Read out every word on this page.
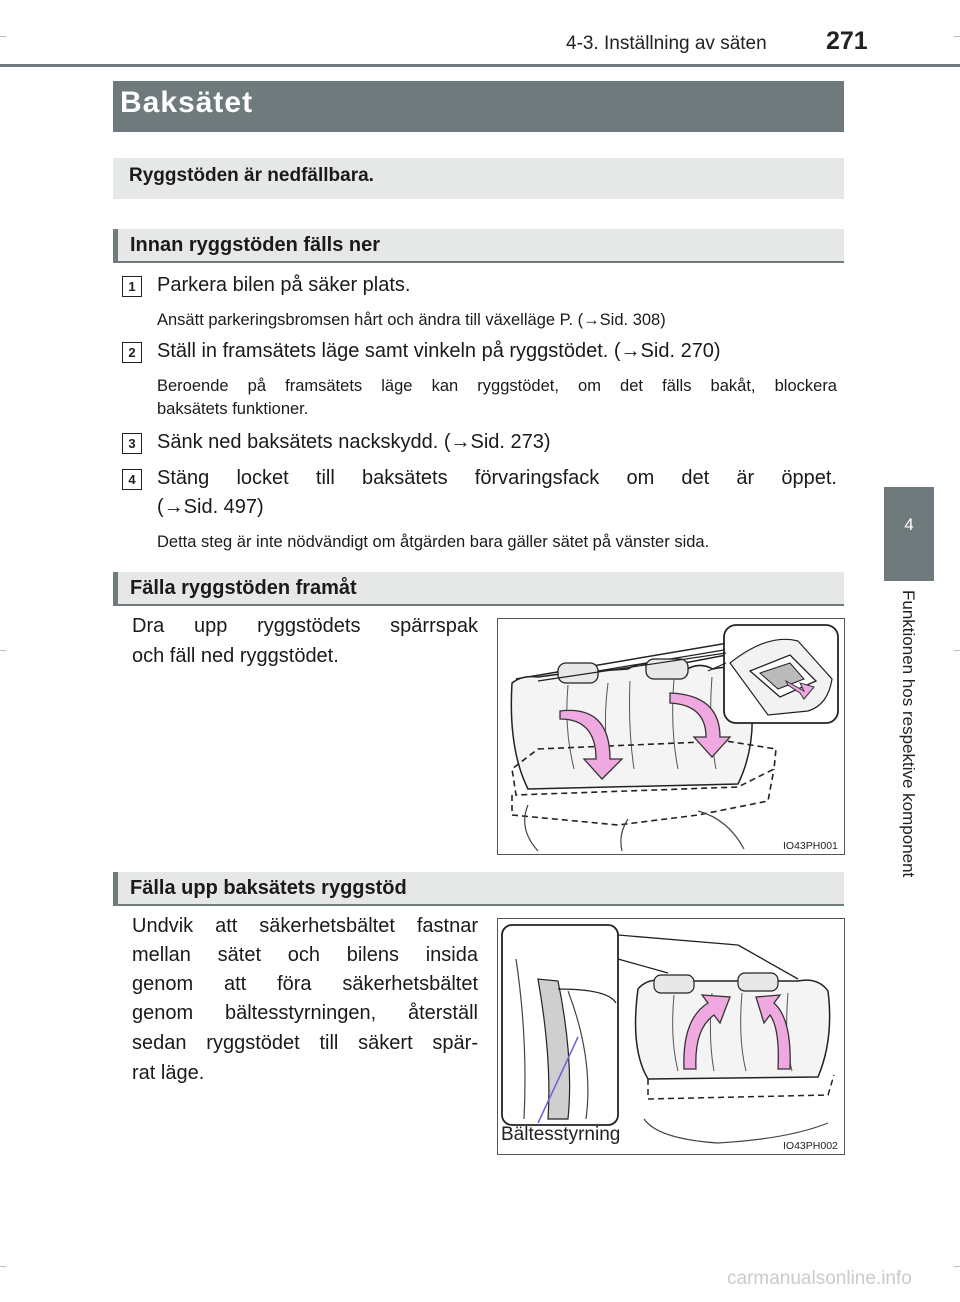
4-3. Inställning av säten 271
4
Funktionen hos respektive komponent
Baksätet
Ryggstöden är nedfällbara.
Innan ryggstöden fälls ner
1	Parkera bilen på säker plats.
Ansätt parkeringsbromsen hårt och ändra till växelläge P. (→Sid. 308)
2	Ställ in framsätets läge samt vinkeln på ryggstödet. (→Sid. 270)
Beroende på framsätets läge kan ryggstödet, om det fälls bakåt, blockera
baksätets funktioner.
3	Sänk ned baksätets nackskydd. (→Sid. 273)
4	Stäng locket till baksätets förvaringsfack om det är öppet.
(→Sid. 497)
Detta steg är inte nödvändigt om åtgärden bara gäller sätet på vänster sida.
Fälla ryggstöden framåt
Dra upp ryggstödets spärrspak
och fäll ned ryggstödet.
IO43PH001
Fälla upp baksätets ryggstöd
Undvik att säkerhetsbältet fastnar
mellan sätet och bilens insida
genom att föra säkerhetsbältet
genom bältesstyrningen, återställ
sedan ryggstödet till säkert spär-
rat läge.
Bältesstyrning
IO43PH002
carmanualsonline.info
